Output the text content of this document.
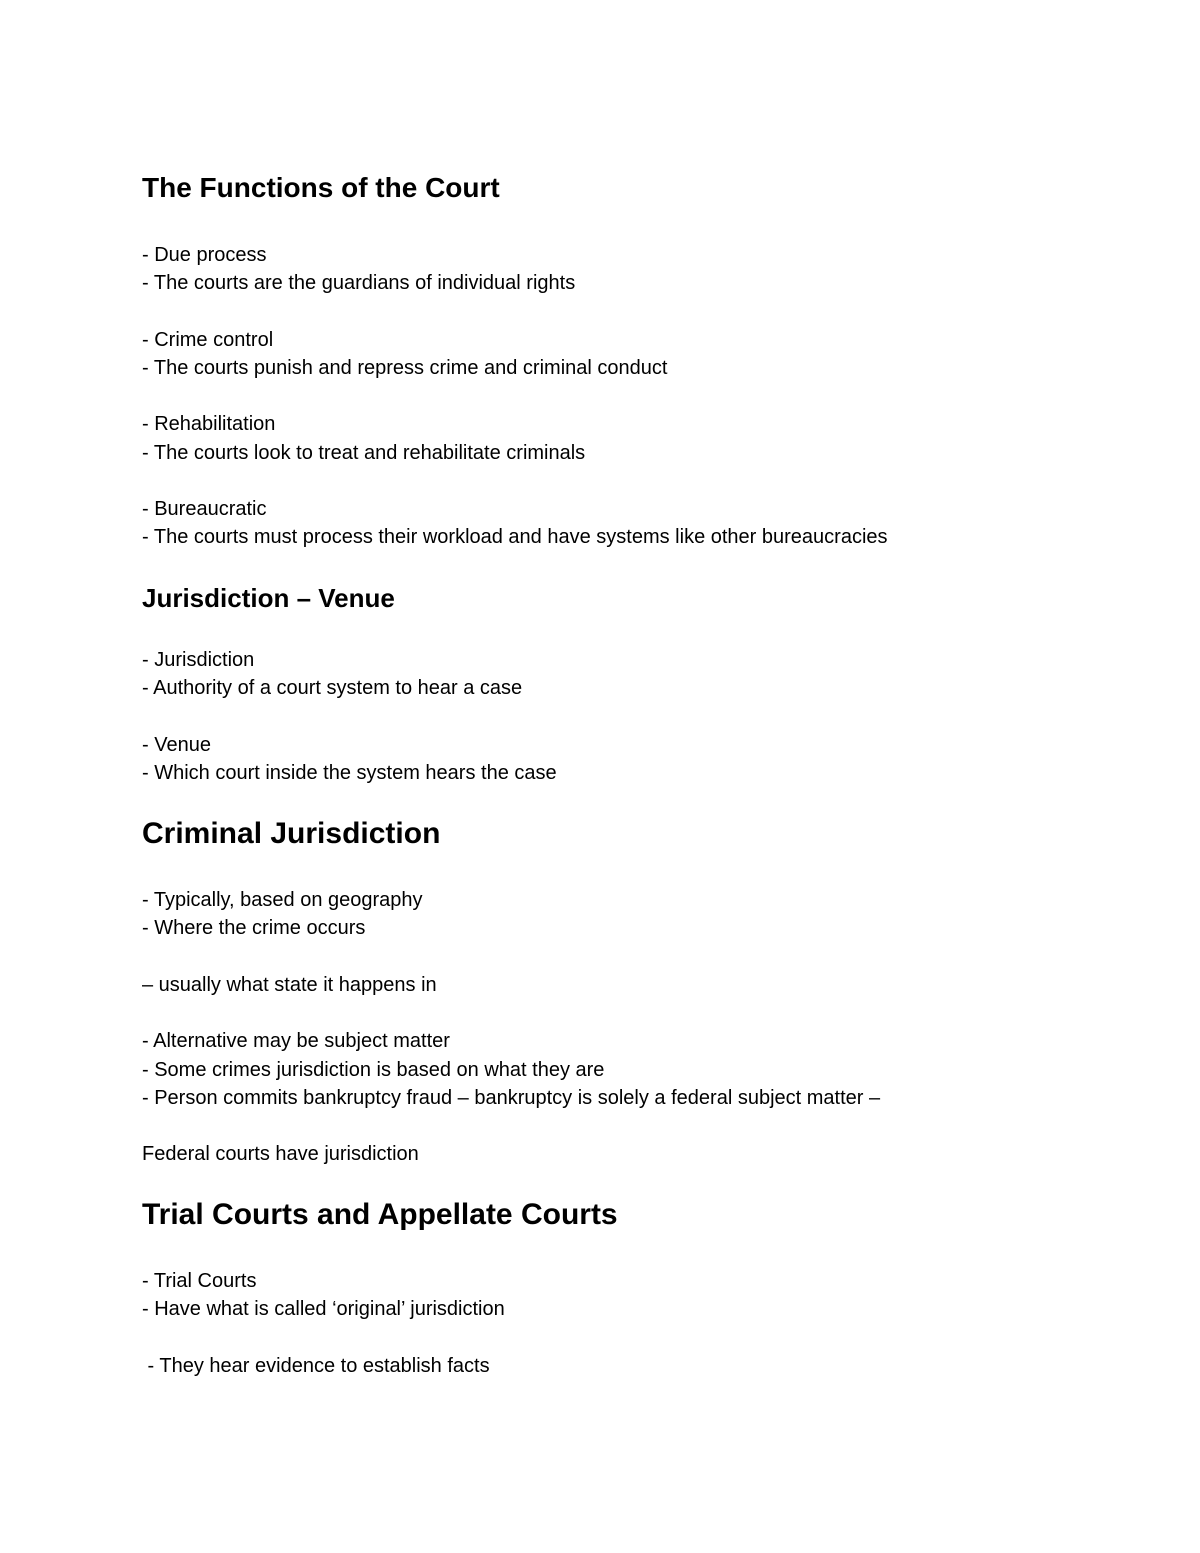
The Functions of the Court

- Due process

- The courts are the guardians of individual rights

- Crime control

- The courts punish and repress crime and criminal conduct

- Rehabilitation

- The courts look to treat and rehabilitate criminals

- Bureaucratic

- The courts must process their workload and have systems like other bureaucracies

Jurisdiction – Venue

- Jurisdiction

- Authority of a court system to hear a case

- Venue

- Which court inside the system hears the case

Criminal Jurisdiction

- Typically, based on geography

- Where the crime occurs

– usually what state it happens in

- Alternative may be subject matter

- Some crimes jurisdiction is based on what they are

- Person commits bankruptcy fraud – bankruptcy is solely a federal subject matter –

Federal courts have jurisdiction

Trial Courts and Appellate Courts

- Trial Courts

- Have what is called ‘original’ jurisdiction

- They hear evidence to establish facts
